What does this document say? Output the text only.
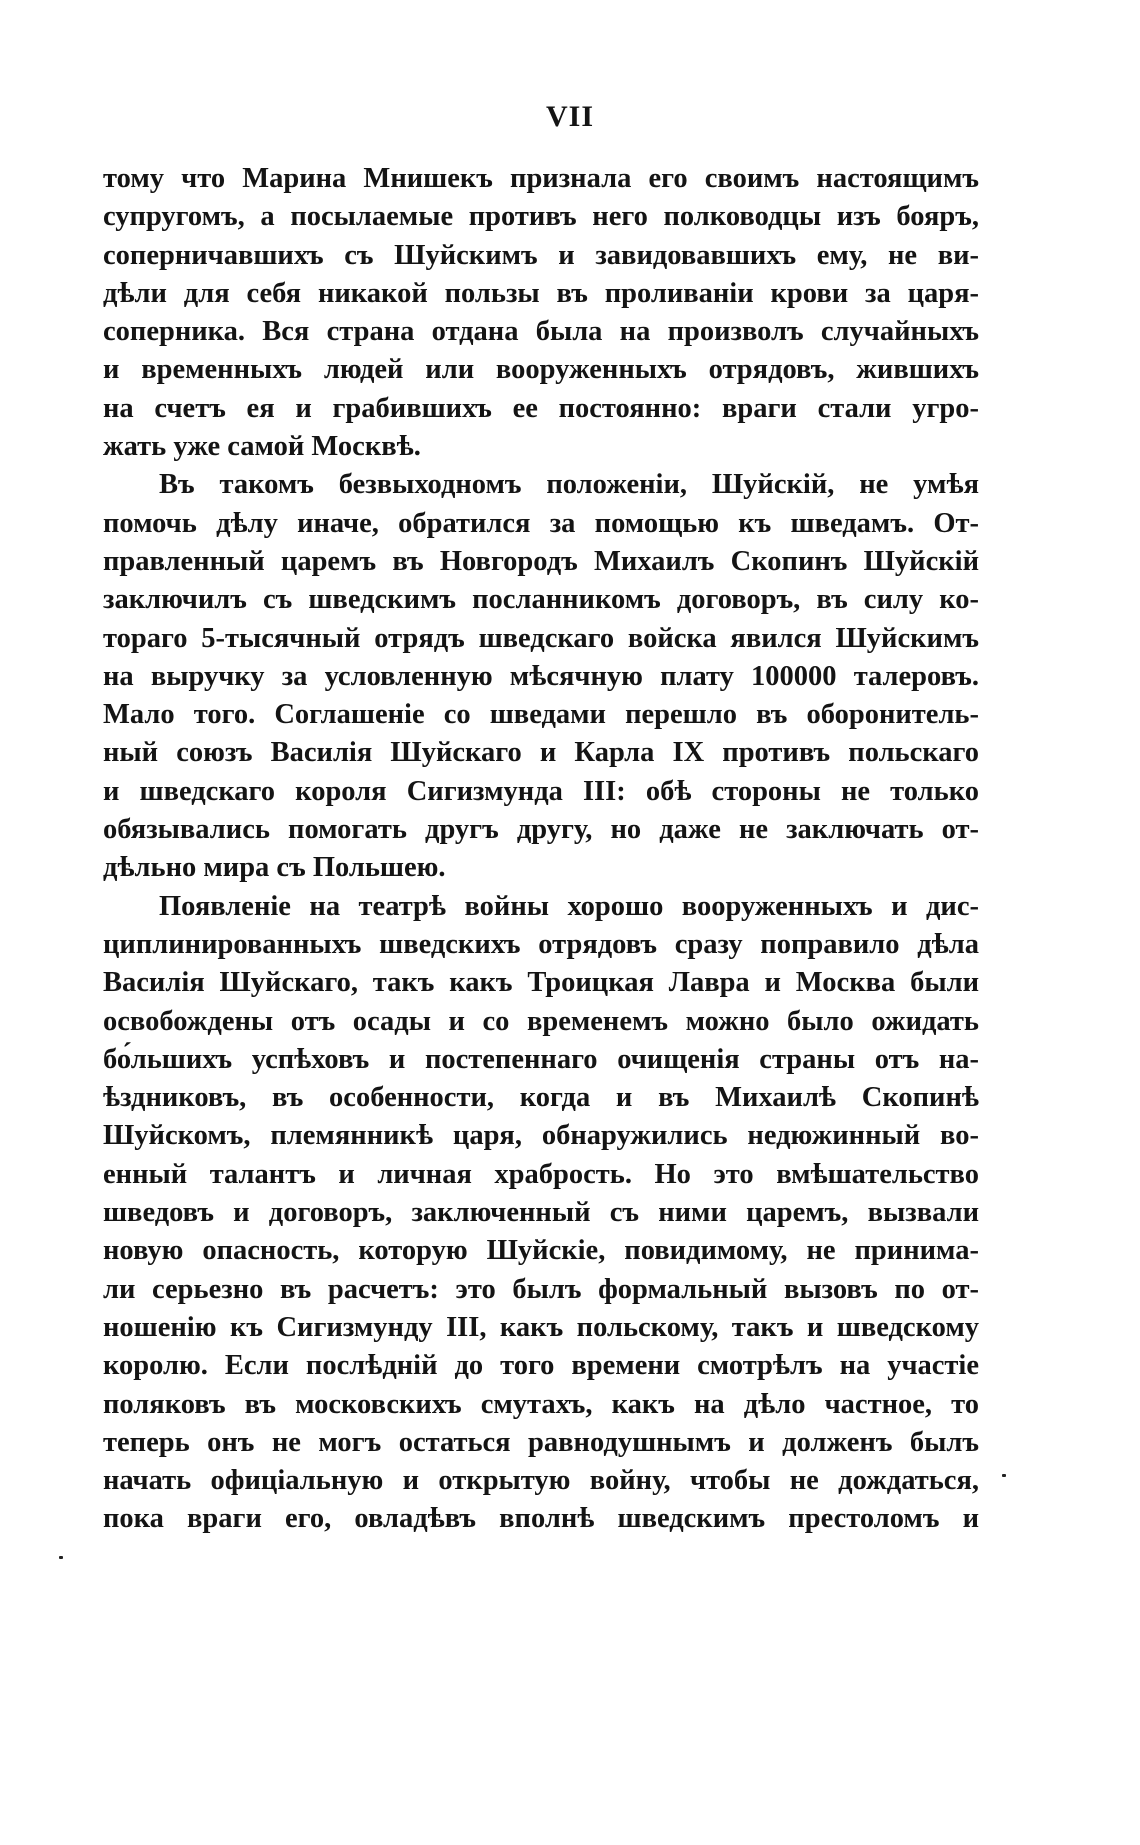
VII
тому что Марина Мнишекъ признала его своимъ настоящимъ
супругомъ, а посылаемые противъ него полководцы изъ бояръ,
соперничавшихъ съ Шуйскимъ и завидовавшихъ ему, не ви-
дѣли для себя никакой пользы въ проливаніи крови за царя-
соперника. Вся страна отдана была на произволъ случайныхъ
и временныхъ людей или вооруженныхъ отрядовъ, жившихъ
на счетъ ея и грабившихъ ее постоянно: враги стали угро-
жать уже самой Москвѣ.
Въ такомъ безвыходномъ положеніи, Шуйскій, не умѣя
помочь дѣлу иначе, обратился за помощью къ шведамъ. От-
правленный царемъ въ Новгородъ Михаилъ Скопинъ Шуйскій
заключилъ съ шведскимъ посланникомъ договоръ, въ силу ко-
тораго 5-тысячный отрядъ шведскаго войска явился Шуйскимъ
на выручку за условленную мѣсячную плату 100000 талеровъ.
Мало того. Соглашеніе со шведами перешло въ оборонитель-
ный союзъ Василія Шуйскаго и Карла IX противъ польскаго
и шведскаго короля Сигизмунда III: обѣ стороны не только
обязывались помогать другъ другу, но даже не заключать от-
дѣльно мира съ Польшею.
Появленіе на театрѣ войны хорошо вооруженныхъ и дис-
циплинированныхъ шведскихъ отрядовъ сразу поправило дѣла
Василія Шуйскаго, такъ какъ Троицкая Лавра и Москва были
освобождены отъ осады и со временемъ можно было ожидать
бо́льшихъ успѣховъ и постепеннаго очищенія страны отъ на-
ѣздниковъ, въ особенности, когда и въ Михаилѣ Скопинѣ
Шуйскомъ, племянникѣ царя, обнаружились недюжинный во-
енный талантъ и личная храбрость. Но это вмѣшательство
шведовъ и договоръ, заключенный съ ними царемъ, вызвали
новую опасность, которую Шуйскіе, повидимому, не принима-
ли серьезно въ расчетъ: это былъ формальный вызовъ по от-
ношенію къ Сигизмунду III, какъ польскому, такъ и шведскому
королю. Если послѣдній до того времени смотрѣлъ на участіе
поляковъ въ московскихъ смутахъ, какъ на дѣло частное, то
теперь онъ не могъ остаться равнодушнымъ и долженъ былъ
начать офиціальную и открытую войну, чтобы не дождаться,
пока враги его, овладѣвъ вполнѣ шведскимъ престоломъ и
